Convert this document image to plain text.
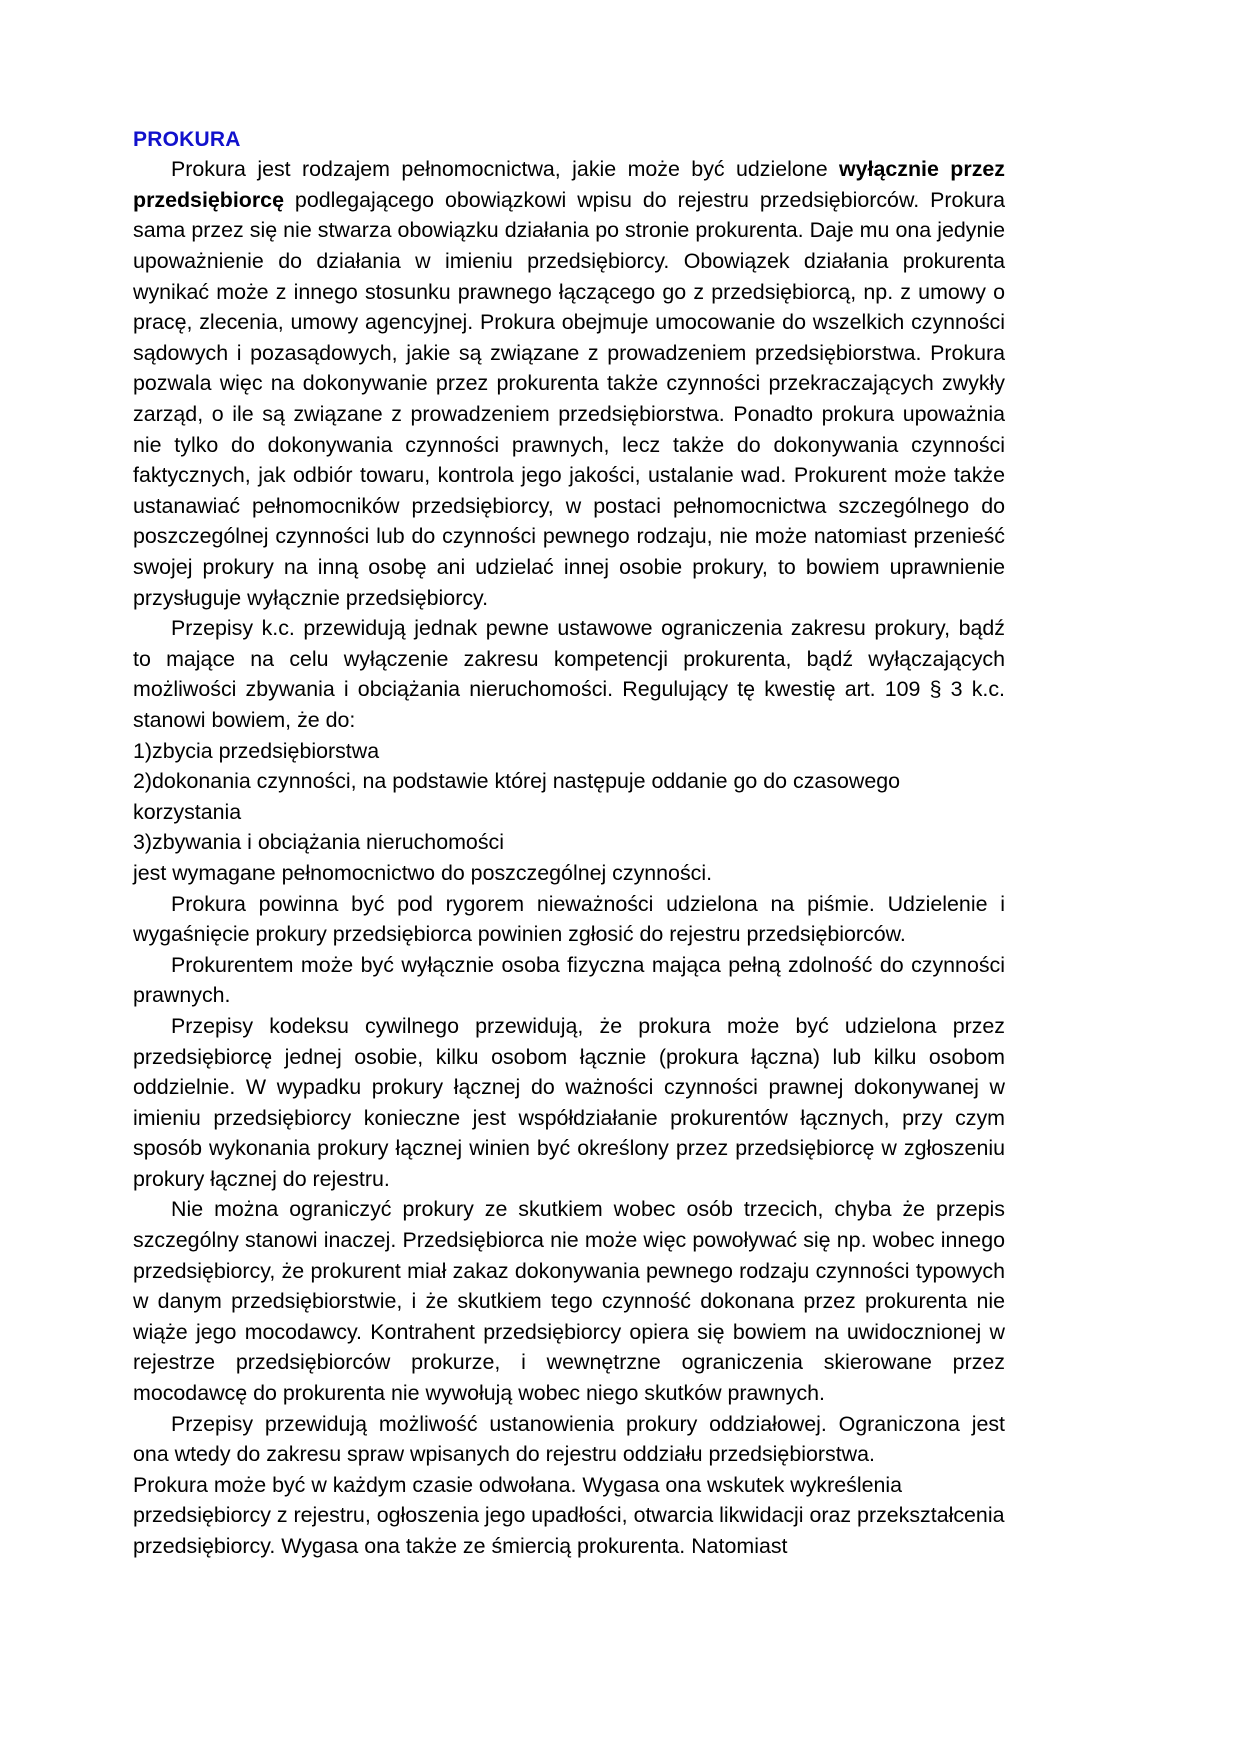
PROKURA

Prokura jest rodzajem pełnomocnictwa, jakie może być udzielone wyłącznie przez przedsiębiorcę podlegającego obowiązkowi wpisu do rejestru przedsiębiorców. Prokura sama przez się nie stwarza obowiązku działania po stronie prokurenta. Daje mu ona jedynie upoważnienie do działania w imieniu przedsiębiorcy. Obowiązek działania prokurenta wynikać może z innego stosunku prawnego łączącego go z przedsiębiorcą, np. z umowy o pracę, zlecenia, umowy agencyjnej. Prokura obejmuje umocowanie do wszelkich czynności sądowych i pozasądowych, jakie są związane z prowadzeniem przedsiębiorstwa. Prokura pozwala więc na dokonywanie przez prokurenta także czynności przekraczających zwykły zarząd, o ile są związane z prowadzeniem przedsiębiorstwa. Ponadto prokura upoważnia nie tylko do dokonywania czynności prawnych, lecz także do dokonywania czynności faktycznych, jak odbiór towaru, kontrola jego jakości, ustalanie wad. Prokurent może także ustanawiać pełnomocników przedsiębiorcy, w postaci pełnomocnictwa szczególnego do poszczególnej czynności lub do czynności pewnego rodzaju, nie może natomiast przenieść swojej prokury na inną osobę ani udzielać innej osobie prokury, to bowiem uprawnienie przysługuje wyłącznie przedsiębiorcy.

Przepisy k.c. przewidują jednak pewne ustawowe ograniczenia zakresu prokury, bądź to mające na celu wyłączenie zakresu kompetencji prokurenta, bądź wyłączających możliwości zbywania i obciążania nieruchomości. Regulujący tę kwestię art. 109 § 3 k.c. stanowi bowiem, że do:

1)zbycia przedsiębiorstwa

2)dokonania czynności, na podstawie której następuje oddanie go do czasowego korzystania

3)zbywania i obciążania nieruchomości

jest wymagane pełnomocnictwo do poszczególnej czynności.

Prokura powinna być pod rygorem nieważności udzielona na piśmie. Udzielenie i wygaśnięcie prokury przedsiębiorca powinien zgłosić do rejestru przedsiębiorców.

Prokurentem może być wyłącznie osoba fizyczna mająca pełną zdolność do czynności prawnych.

Przepisy kodeksu cywilnego przewidują, że prokura może być udzielona przez przedsiębiorcę jednej osobie, kilku osobom łącznie (prokura łączna) lub kilku osobom oddzielnie. W wypadku prokury łącznej do ważności czynności prawnej dokonywanej w imieniu przedsiębiorcy konieczne jest współdziałanie prokurentów łącznych, przy czym sposób wykonania prokury łącznej winien być określony przez przedsiębiorcę w zgłoszeniu prokury łącznej do rejestru.

Nie można ograniczyć prokury ze skutkiem wobec osób trzecich, chyba że przepis szczególny stanowi inaczej. Przedsiębiorca nie może więc powoływać się np. wobec innego przedsiębiorcy, że prokurent miał zakaz dokonywania pewnego rodzaju czynności typowych w danym przedsiębiorstwie, i że skutkiem tego czynność dokonana przez prokurenta nie wiąże jego mocodawcy. Kontrahent przedsiębiorcy opiera się bowiem na uwidocznionej w rejestrze przedsiębiorców prokurze, i wewnętrzne ograniczenia skierowane przez mocodawcę do prokurenta nie wywołują wobec niego skutków prawnych.

Przepisy przewidują możliwość ustanowienia prokury oddziałowej. Ograniczona jest ona wtedy do zakresu spraw wpisanych do rejestru oddziału przedsiębiorstwa.

Prokura może być w każdym czasie odwołana. Wygasa ona wskutek wykreślenia przedsiębiorcy z rejestru, ogłoszenia jego upadłości, otwarcia likwidacji oraz przekształcenia przedsiębiorcy. Wygasa ona także ze śmiercią prokurenta. Natomiast
